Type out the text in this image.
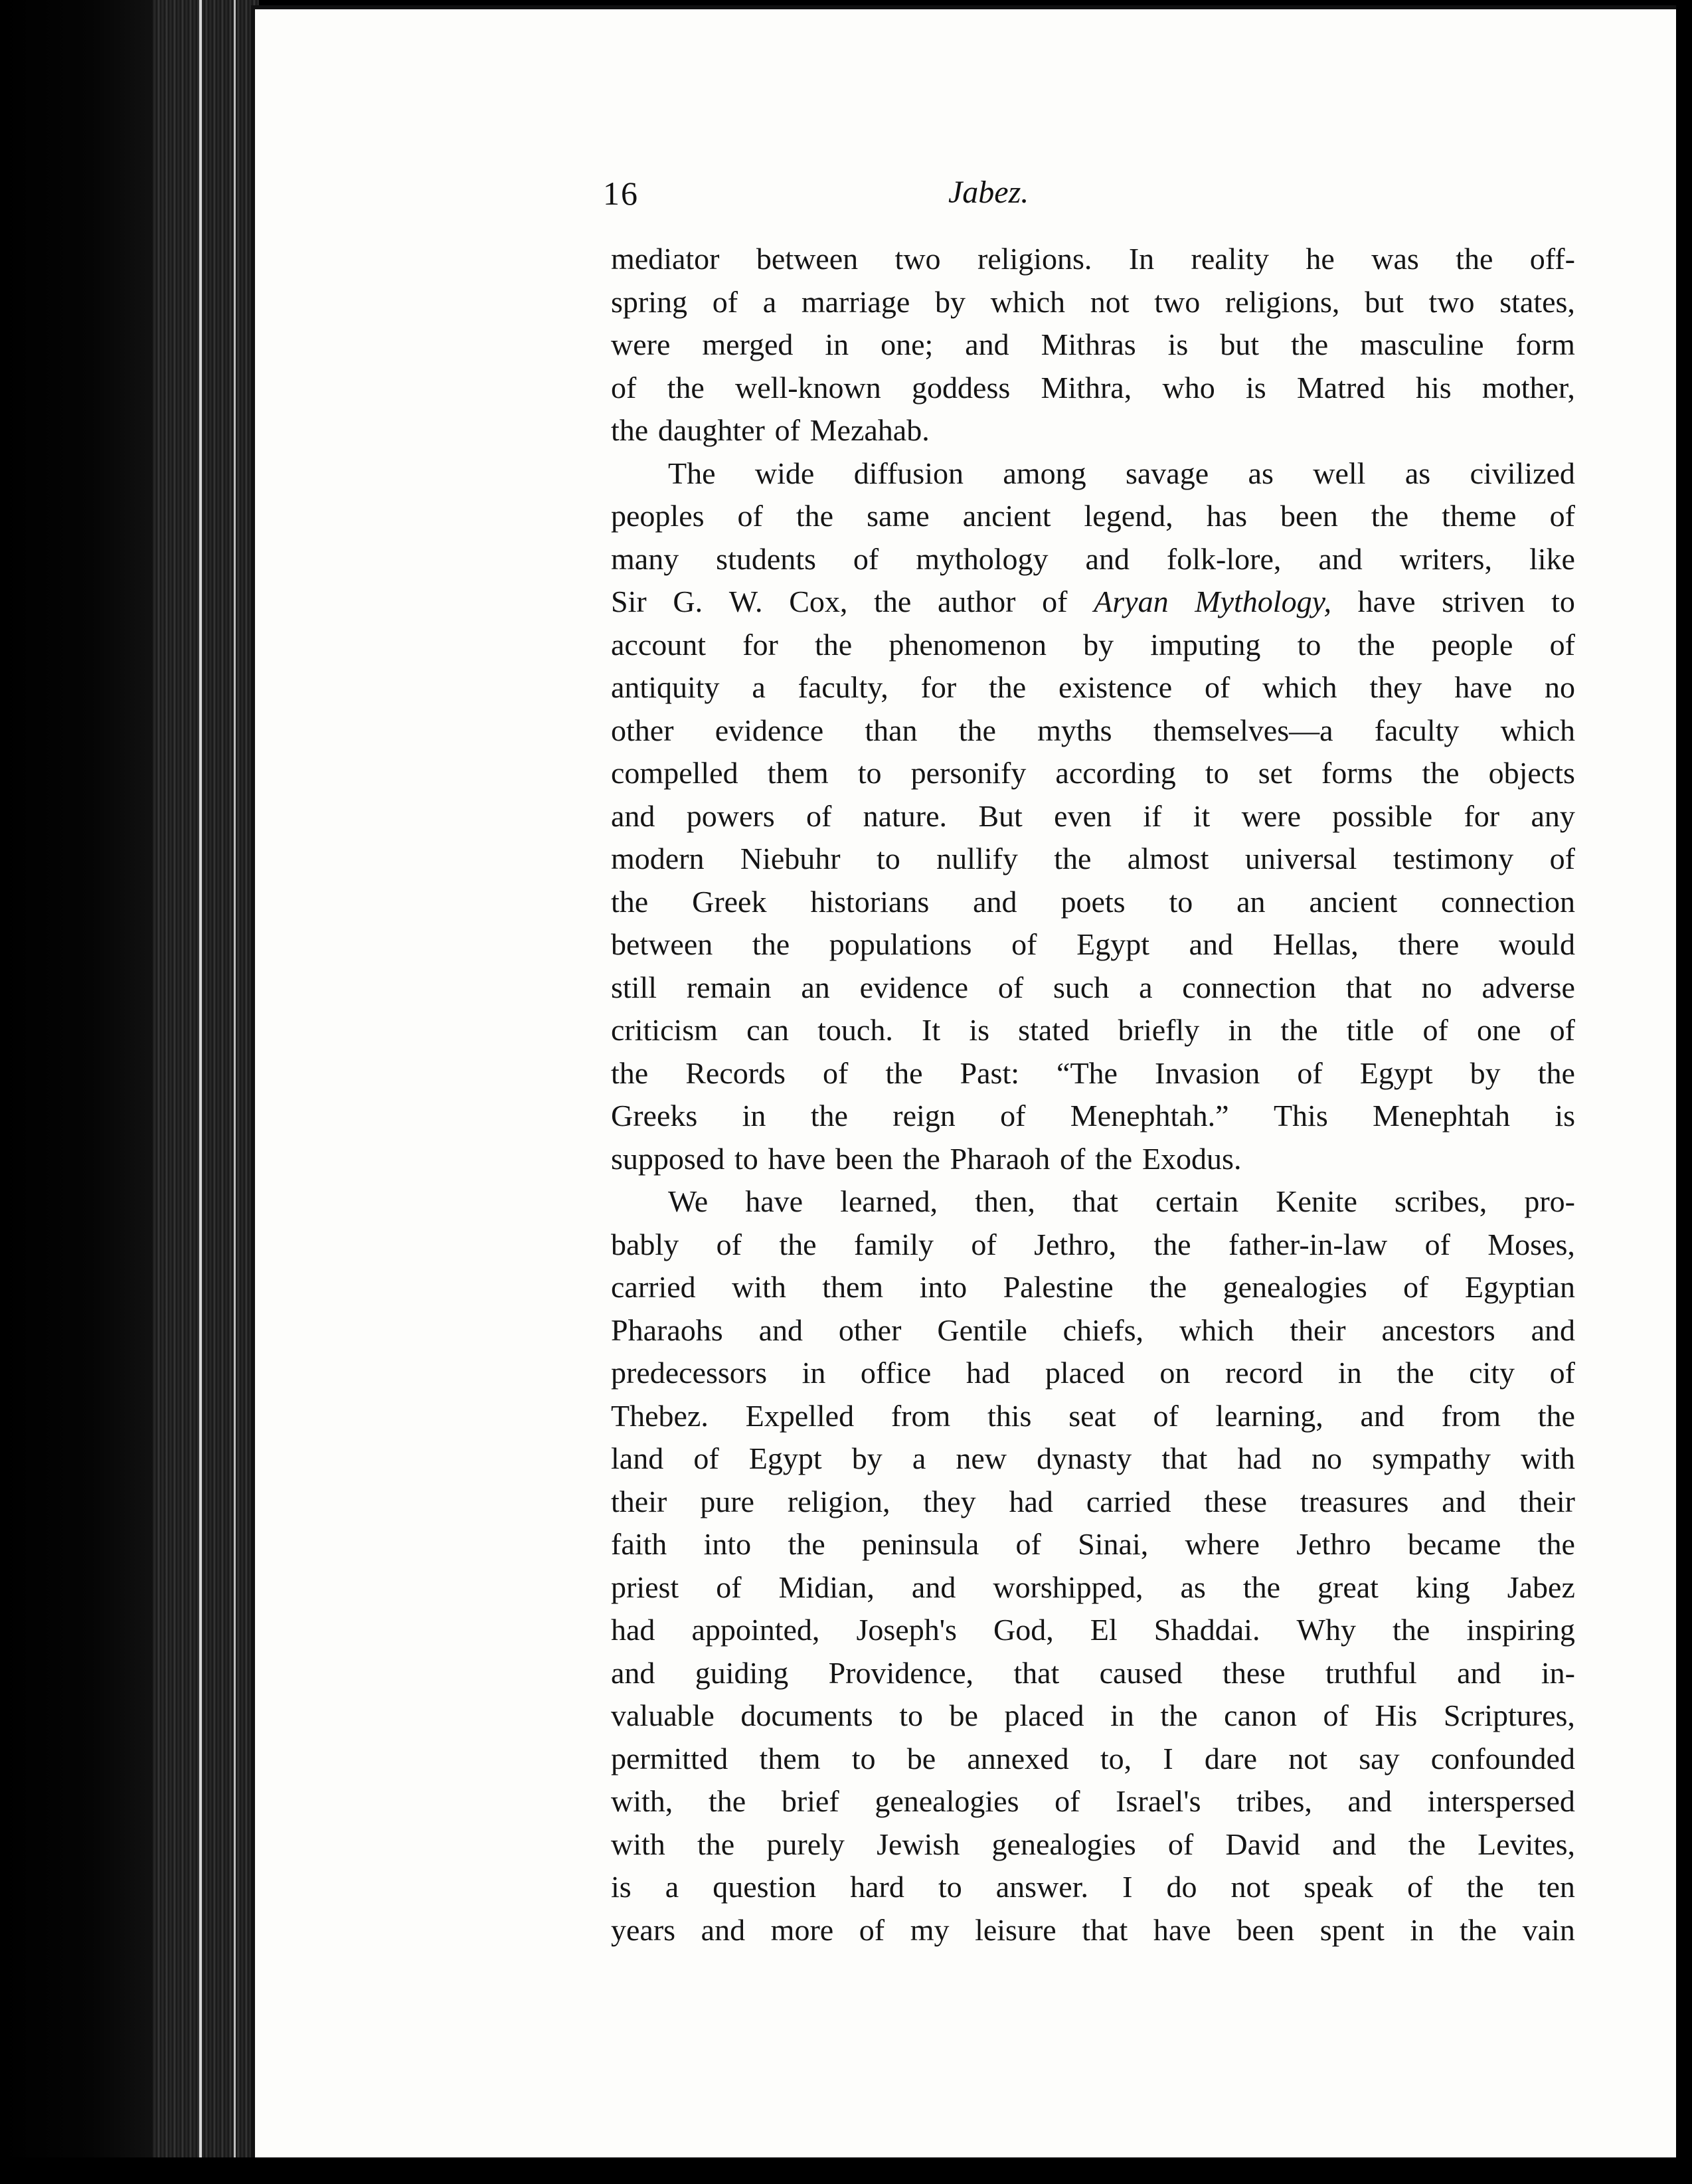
16	Jabez.
mediator between two religions. In reality he was the off-
spring of a marriage by which not two religions, but two states,
were merged in one; and Mithras is but the masculine form
of the well-known goddess Mithra, who is Matred his mother,
the daughter of Mezahab.
The wide diffusion among savage as well as civilized
peoples of the same ancient legend, has been the theme of
many students of mythology and folk-lore, and writers, like
Sir G. W. Cox, the author of Aryan Mythology, have striven to
account for the phenomenon by imputing to the people of
antiquity a faculty, for the existence of which they have no
other evidence than the myths themselves—a faculty which
compelled them to personify according to set forms the objects
and powers of nature. But even if it were possible for any
modern Niebuhr to nullify the almost universal testimony of
the Greek historians and poets to an ancient connection
between the populations of Egypt and Hellas, there would
still remain an evidence of such a connection that no adverse
criticism can touch. It is stated briefly in the title of one of
the Records of the Past: “The Invasion of Egypt by the
Greeks in the reign of Menephtah.” This Menephtah is
supposed to have been the Pharaoh of the Exodus.
We have learned, then, that certain Kenite scribes, pro-
bably of the family of Jethro, the father-in-law of Moses,
carried with them into Palestine the genealogies of Egyptian
Pharaohs and other Gentile chiefs, which their ancestors and
predecessors in office had placed on record in the city of
Thebez. Expelled from this seat of learning, and from the
land of Egypt by a new dynasty that had no sympathy with
their pure religion, they had carried these treasures and their
faith into the peninsula of Sinai, where Jethro became the
priest of Midian, and worshipped, as the great king Jabez
had appointed, Joseph's God, El Shaddai. Why the inspiring
and guiding Providence, that caused these truthful and in-
valuable documents to be placed in the canon of His Scriptures,
permitted them to be annexed to, I dare not say confounded
with, the brief genealogies of Israel's tribes, and interspersed
with the purely Jewish genealogies of David and the Levites,
is a question hard to answer. I do not speak of the ten
years and more of my leisure that have been spent in the vain
